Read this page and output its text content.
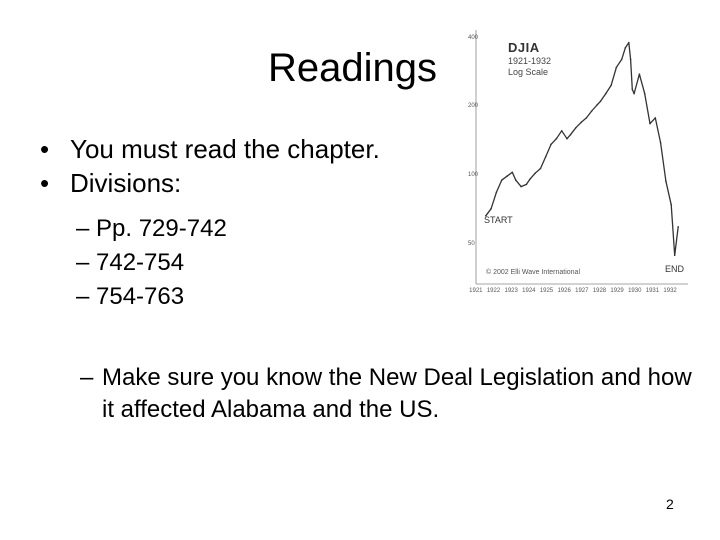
Readings
• You must read the chapter.
• Divisions:
– Pp. 729-742
– 742-754
– 754-763
– Make sure you know the New Deal Legislation and how it affected Alabama and the US.
2
DJIA
1921-1932
Log Scale
START
END
© 2002 Elli Wave International
400
200
100
50
1921 1922 1923 1924 1925 1926 1927 1928 1929 1930 1931 1932
